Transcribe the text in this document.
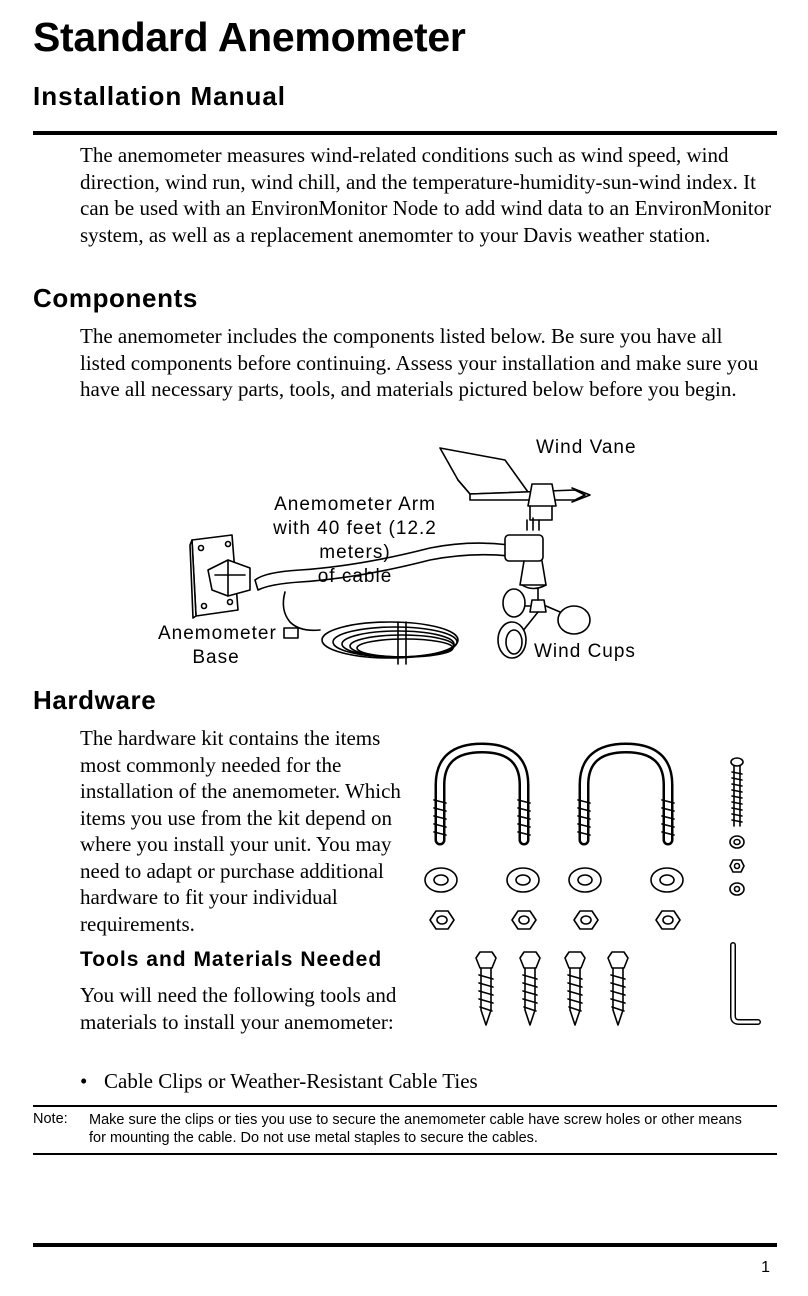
Standard Anemometer
Installation Manual
The anemometer measures wind-related conditions such as wind speed, wind direction, wind run, wind chill, and the temperature-humidity-sun-wind index. It can be used with an EnvironMonitor Node to add wind data to an EnvironMonitor system, as well as a replacement anemomter to your Davis weather station.
Components
The anemometer includes the components listed below. Be sure you have all listed components before continuing. Assess your installation and make sure you have all necessary parts, tools, and materials pictured below before you begin.
Wind Vane
Anemometer Arm
with 40 feet (12.2 meters)
of cable
Anemometer
Base	Wind Cups
Hardware
The hardware kit contains the items most commonly needed for the installation of the anemometer. Which items you use from the kit depend on where you install your unit. You may need to adapt or purchase additional hardware to fit your individual requirements.
Tools and Materials Needed
You will need the following tools and materials to install your anemometer:
• Cable Clips or Weather-Resistant Cable Ties
Note: Make sure the clips or ties you use to secure the anemometer cable have screw holes or other means for mounting the cable. Do not use metal staples to secure the cables.
1
